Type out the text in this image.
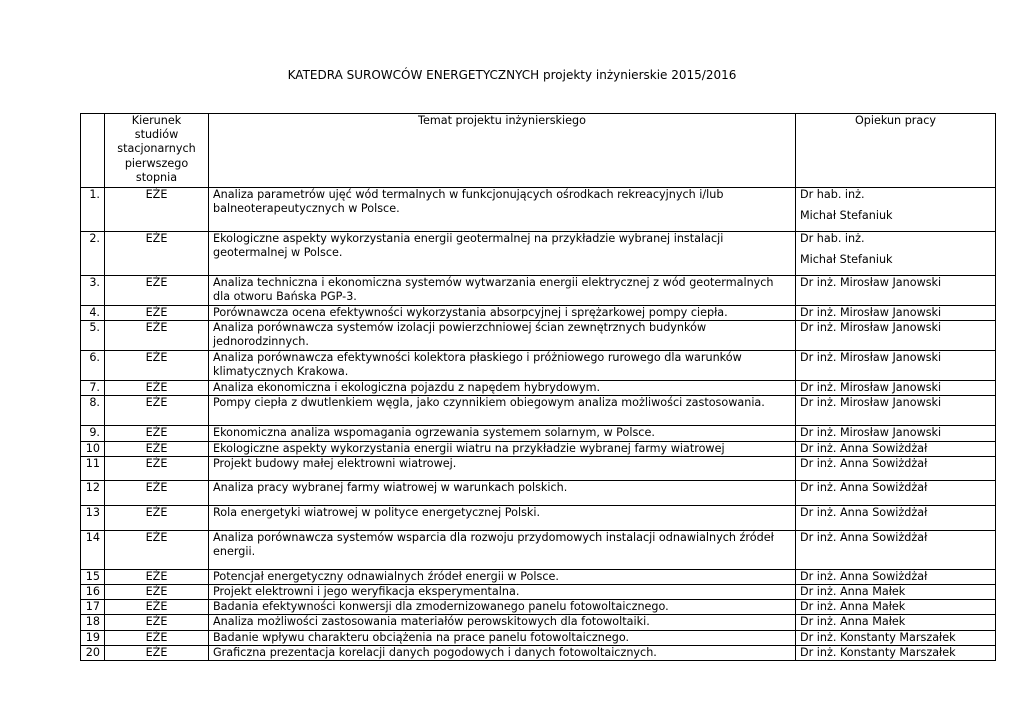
KATEDRA SUROWCÓW ENERGETYCZNYCH projekty inżynierskie 2015/2016
	Kierunek studiów stacjonarnych pierwszego stopnia	Temat projektu inżynierskiego	Opiekun pracy
1.	EŻE	Analiza parametrów ujęć wód termalnych w funkcjonujących ośrodkach rekreacyjnych i/lub balneoterapeutycznych w Polsce.	Dr hab. inż.
Michał Stefaniuk

2.	EŻE	Ekologiczne aspekty wykorzystania energii geotermalnej na przykładzie wybranej instalacji geotermalnej w Polsce.	Dr hab. inż.
Michał Stefaniuk

3.	EŻE	Analiza techniczna i ekonomiczna systemów wytwarzania energii elektrycznej z wód geotermalnych dla otworu Bańska PGP-3.	Dr inż. Mirosław Janowski
4.	EŻE	Porównawcza ocena efektywności wykorzystania absorpcyjnej i sprężarkowej pompy ciepła.	Dr inż. Mirosław Janowski
5.	EŻE	Analiza porównawcza systemów izolacji powierzchniowej ścian zewnętrznych budynków jednorodzinnych.	Dr inż. Mirosław Janowski
6.	EŻE	Analiza porównawcza efektywności kolektora płaskiego i próżniowego rurowego dla warunków klimatycznych Krakowa.	Dr inż. Mirosław Janowski
7.	EŻE	Analiza ekonomiczna i ekologiczna pojazdu z napędem hybrydowym.	Dr inż. Mirosław Janowski
8.	EŻE	Pompy ciepła z dwutlenkiem węgla, jako czynnikiem obiegowym analiza możliwości zastosowania.	Dr inż. Mirosław Janowski
9.	EŻE	Ekonomiczna analiza wspomagania ogrzewania systemem solarnym, w Polsce.	Dr inż. Mirosław Janowski
10	EŻE	Ekologiczne aspekty wykorzystania energii wiatru na przykładzie wybranej farmy wiatrowej	Dr inż. Anna Sowiżdżał
11	EŻE	Projekt budowy małej elektrowni wiatrowej.	Dr inż. Anna Sowiżdżał
12	EŻE	Analiza pracy wybranej farmy wiatrowej w warunkach polskich.	Dr inż. Anna Sowiżdżał
13	EŻE	Rola energetyki wiatrowej w polityce energetycznej Polski.	Dr inż. Anna Sowiżdżał
14	EŻE	Analiza porównawcza systemów wsparcia dla rozwoju przydomowych instalacji odnawialnych źródeł energii.	Dr inż. Anna Sowiżdżał
15	EŻE	Potencjał energetyczny odnawialnych źródeł energii w Polsce.	Dr inż. Anna Sowiżdżał
16	EŻE	Projekt elektrowni i jego weryfikacja eksperymentalna.	Dr inż. Anna Małek
17	EŻE	Badania efektywności konwersji dla zmodernizowanego panelu fotowoltaicznego.	Dr inż. Anna Małek
18	EŻE	Analiza możliwości zastosowania materiałów perowskitowych dla fotowoltaiki.	Dr inż. Anna Małek
19	EŻE	Badanie wpływu charakteru obciążenia na prace panelu fotowoltaicznego.	Dr inż. Konstanty Marszałek
20	EŻE	Graficzna prezentacja korelacji danych pogodowych i danych fotowoltaicznych.	Dr inż. Konstanty Marszałek
